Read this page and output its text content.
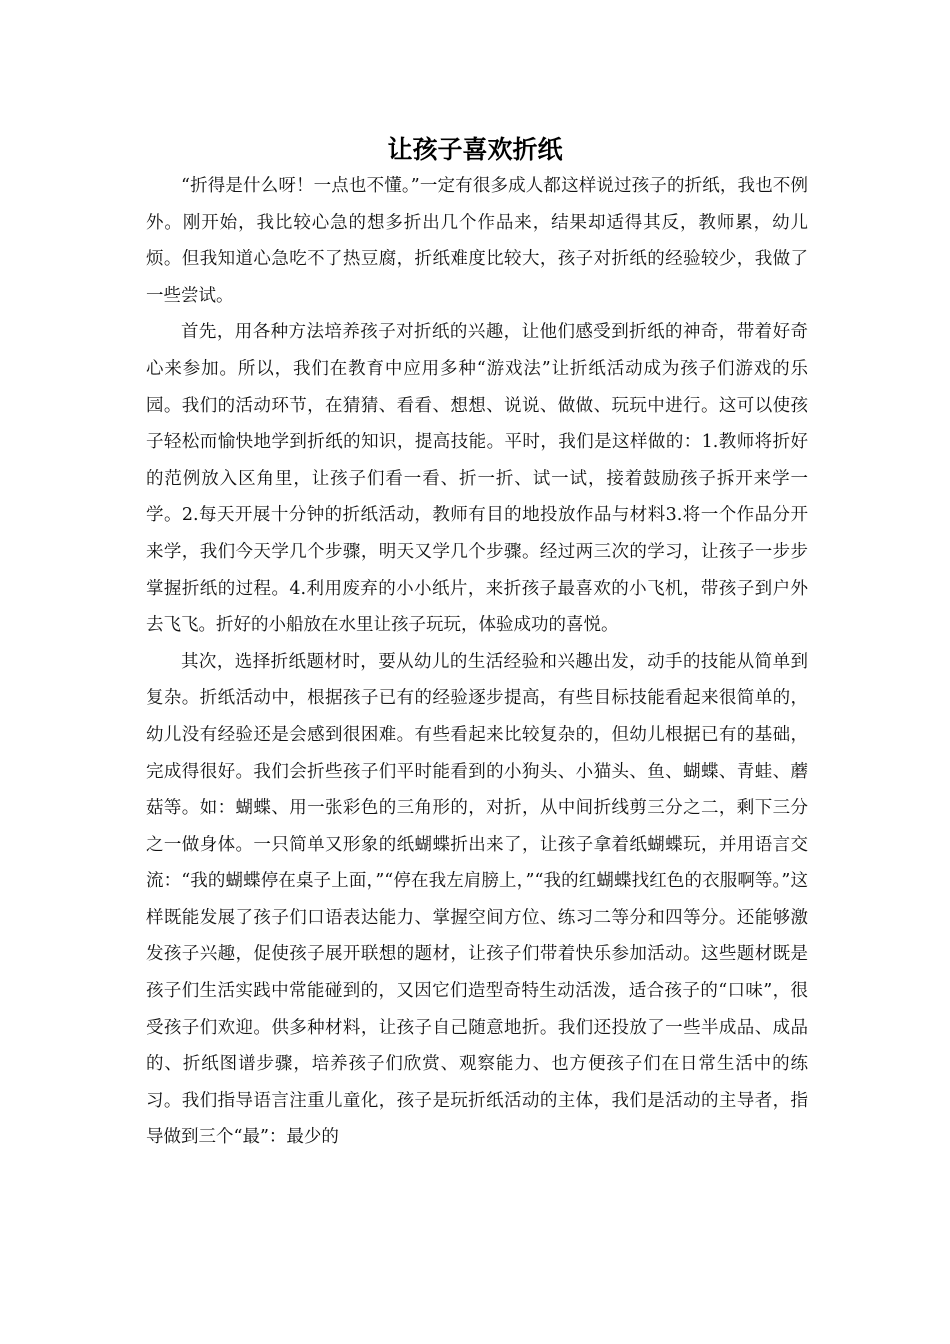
让孩子喜欢折纸

“折得是什么呀！一点也不懂。”一定有很多成人都这样说过孩子的折纸，我也不例外。刚开始，我比较心急的想多折出几个作品来，结果却适得其反，教师累，幼儿烦。但我知道心急吃不了热豆腐，折纸难度比较大，孩子对折纸的经验较少，我做了一些尝试。

首先，用各种方法培养孩子对折纸的兴趣，让他们感受到折纸的神奇，带着好奇心来参加。所以，我们在教育中应用多种“游戏法”让折纸活动成为孩子们游戏的乐园。我们的活动环节，在猜猜、看看、想想、说说、做做、玩玩中进行。这可以使孩子轻松而愉快地学到折纸的知识，提高技能。平时，我们是这样做的：1.教师将折好的范例放入区角里，让孩子们看一看、折一折、试一试，接着鼓励孩子拆开来学一学。2.每天开展十分钟的折纸活动，教师有目的地投放作品与材料3.将一个作品分开来学，我们今天学几个步骤，明天又学几个步骤。经过两三次的学习，让孩子一步步掌握折纸的过程。4.利用废弃的小小纸片，来折孩子最喜欢的小飞机，带孩子到户外去飞飞。折好的小船放在水里让孩子玩玩，体验成功的喜悦。

其次，选择折纸题材时，要从幼儿的生活经验和兴趣出发，动手的技能从简单到复杂。折纸活动中，根据孩子已有的经验逐步提高，有些目标技能看起来很简单的，幼儿没有经验还是会感到很困难。有些看起来比较复杂的，但幼儿根据已有的基础，完成得很好。我们会折些孩子们平时能看到的小狗头、小猫头、鱼、蝴蝶、青蛙、蘑菇等。如：蝴蝶、用一张彩色的三角形的，对折，从中间折线剪三分之二，剩下三分之一做身体。一只简单又形象的纸蝴蝶折出来了，让孩子拿着纸蝴蝶玩，并用语言交流：“我的蝴蝶停在桌子上面，”“停在我左肩膀上，”“我的红蝴蝶找红色的衣服啊等。”这样既能发展了孩子们口语表达能力、掌握空间方位、练习二等分和四等分。还能够激发孩子兴趣，促使孩子展开联想的题材，让孩子们带着快乐参加活动。这些题材既是孩子们生活实践中常能碰到的，又因它们造型奇特生动活泼，适合孩子的“口味”，很受孩子们欢迎。供多种材料，让孩子自己随意地折。我们还投放了一些半成品、成品的、折纸图谱步骤，培养孩子们欣赏、观察能力、也方便孩子们在日常生活中的练习。我们指导语言注重儿童化，孩子是玩折纸活动的主体，我们是活动的主导者，指导做到三个“最”：最少的
